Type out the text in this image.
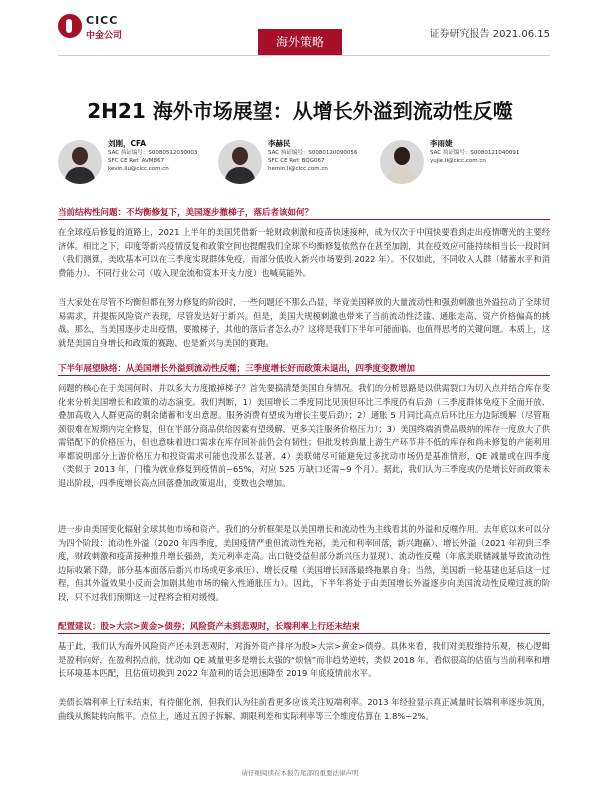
CICC
中金公司	海外策略
证券研究报告 2021.06.15
2H21 海外市场展望：从增长外溢到流动性反噬
刘刚，CFA
SAC 执证编号：S0080512030003
SFC CE Ref: AVM867
kevin.liu@cicc.com.cn
李赫民
SAC 执证编号：S0080120090056
SFC CE Ref: BQG067
hemin.li@cicc.com.cn
李雨婕
SAC 执证编号：S0080121040091
yujie.li@cicc.com.cn
当前结构性问题：不均衡修复下，美国逐步撤梯子，落后者该如何？
在全球疫后修复的道路上，2021 上半年的美国凭借新一轮财政刺激和疫苗快速接种，成为仅次于中国快要看到走出疫情曙光的主要经济体。相比之下，印度等新兴疫情反复和政策空间也提醒我们全球不均衡修复依然存在甚至加剧，其在疫效应可能持续相当长一段时间（我们测算，美欧基本可以在三季度实现群体免疫，而部分低收入新兴市场要到 2022 年）。不仅如此，不同收入人群（储蓄水平和消费能力）、不同行业公司（收入现金流和资本开支力度）也喊莫能外。
当大家处在尽管不均衡但都在努力修复的阶段时，一些问题还不那么凸显，毕竟美国释放的大量流动性和强劲刺激也外溢拉动了全球贸易需求，并提振风险资产表现，尽管发达好于新兴。但是，美国大规模刺激也带来了当前流动性泛滥、通胀走高、资产价格偏高的挑战。那么，当美国逐步走出疫情，要撤梯子，其他的落后者怎么办？这将是我们下半年可能面临、也值得思考的关键问题。本质上，这就是美国自身增长和政策的赛跑、也是新兴与美国的赛跑。
下半年展望脉络：从美国增长外溢到流动性反噬；三季度增长好而政策未退出，四季度变数增加
问题的核心在于美国何时、并以多大力度撤掉梯子？首先要搞清楚美国自身情况。我们的分析思路是以供需裂口为切入点并结合库存变化来分析美国增长和政策的动态演变。我们判断，1）美国增长二季度同比见顶但环比三季度仍有后劲（三季度群体免疫下全面开放、叠加高收入人群更高的剩余储蓄和支出意愿。服务消费有望成为增长主要后劲）；2）通胀 5 月同比高点后环比压力边际缓解（尽管瓶颈很难在短期内完全修复，但在半部分商品供给因素有望缓解，更多关注服务价格压力）；3）美国终端消费品吸纳的库存一度放大了供需错配下的价格压力，但也意味着进口需求在库存回补前仍会有韧性；但批发转到量上游生产环节并不低的库存和尚未修复的产能利用率都说明部分上游价格压力和投资需求可能也没那么显著。4）美联储尽可能避免过多扰动市场仍是基准情形，QE 减量或在四季度（类似于 2013 年，门槛为就业修复到疫情前~65%，对应 525 万缺口还需~9 个月）。据此，我们认为三季度或仍是增长好而政策未退出阶段，四季度增长高点回落叠加政策退出，变数也会增加。
进一步由美国变化辐射全球其他市场和资产。我们的分析框架是以美国增长和流动性为主线看其的外溢和反噬作用。去年底以来可以分为四个阶段：流动性外溢（2020 年四季度，美国疫情严重但流动性充裕，美元和利率回落，新兴跑赢）、增长外溢（2021 年初到三季度，财政刺激和疫苗接种推升增长强劲，美元利率走高。出口链受益但部分新兴压力显现）、流动性反噬（年底美联储减量导致流动性边际收紧下降，部分基本面落后新兴市场或更多承压）、增长反噬（美国增长回落最终拖累自身；当然，美国新一轮基建也延后这一过程，但其外溢效果小反而会加剧其他市场的输入性通胀压力）。因此，下半年将处于由美国增长外溢逐步向美国流动性反噬过渡的阶段，只不过我们预期这一过程将会相对缓慢。
配置建议：股>大宗>黄金>债券；风险资产未到悲观时，长端利率上行还未结束
基于此，我们认为海外风险资产还未到悲观时，对海外资产排序为股>大宗>黄金>债券。具体来看，我们对美股维持乐观，核心逻辑是盈利向好，在盈利拐点前，忧动如 QE 减量更多是增长太强的“烦恼”而非趋势逆转，类似 2018 年。看似很高的估值与当前利率和增长环境基本匹配，且估值切换到 2022 年盈利的话会迅速降至 2019 年底疫情前水平。
美债长端利率上行未结束，有待催化剂，但我们认为往前看更多应该关注短端利率。2013 年经验显示真正减量时长端利率逐步筑顶，曲线从熊陡转向熊平。点位上，通过五因子拆解、期限利差和实际利率等三个维度估算在 1.8%~2%。
请仔细阅读在本报告尾部的重要法律声明
